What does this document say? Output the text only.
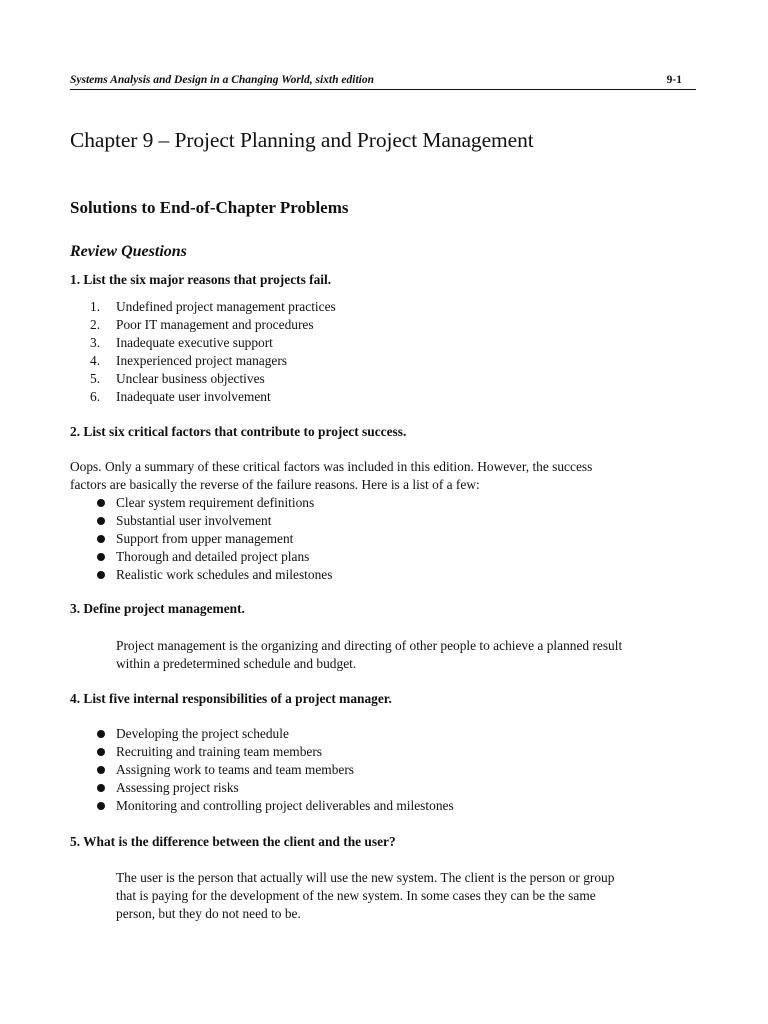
Systems Analysis and Design in a Changing World, sixth edition	9-1
Chapter 9 – Project Planning and Project Management
Solutions to End-of-Chapter Problems
Review Questions
1. List the six major reasons that projects fail.
1.	Undefined project management practices
2.	Poor IT management and procedures
3.	Inadequate executive support
4.	Inexperienced project managers
5.	Unclear business objectives
6.	Inadequate user involvement
2. List six critical factors that contribute to project success.
Oops. Only a summary of these critical factors was included in this edition. However, the success
factors are basically the reverse of the failure reasons. Here is a list of a few:
Clear system requirement definitions
Substantial user involvement
Support from upper management
Thorough and detailed project plans
Realistic work schedules and milestones
3. Define project management.
Project management is the organizing and directing of other people to achieve a planned result
within a predetermined schedule and budget.
4. List five internal responsibilities of a project manager.
Developing the project schedule
Recruiting and training team members
Assigning work to teams and team members
Assessing project risks
Monitoring and controlling project deliverables and milestones
5. What is the difference between the client and the user?
The user is the person that actually will use the new system. The client is the person or group
that is paying for the development of the new system. In some cases they can be the same
person, but they do not need to be.
